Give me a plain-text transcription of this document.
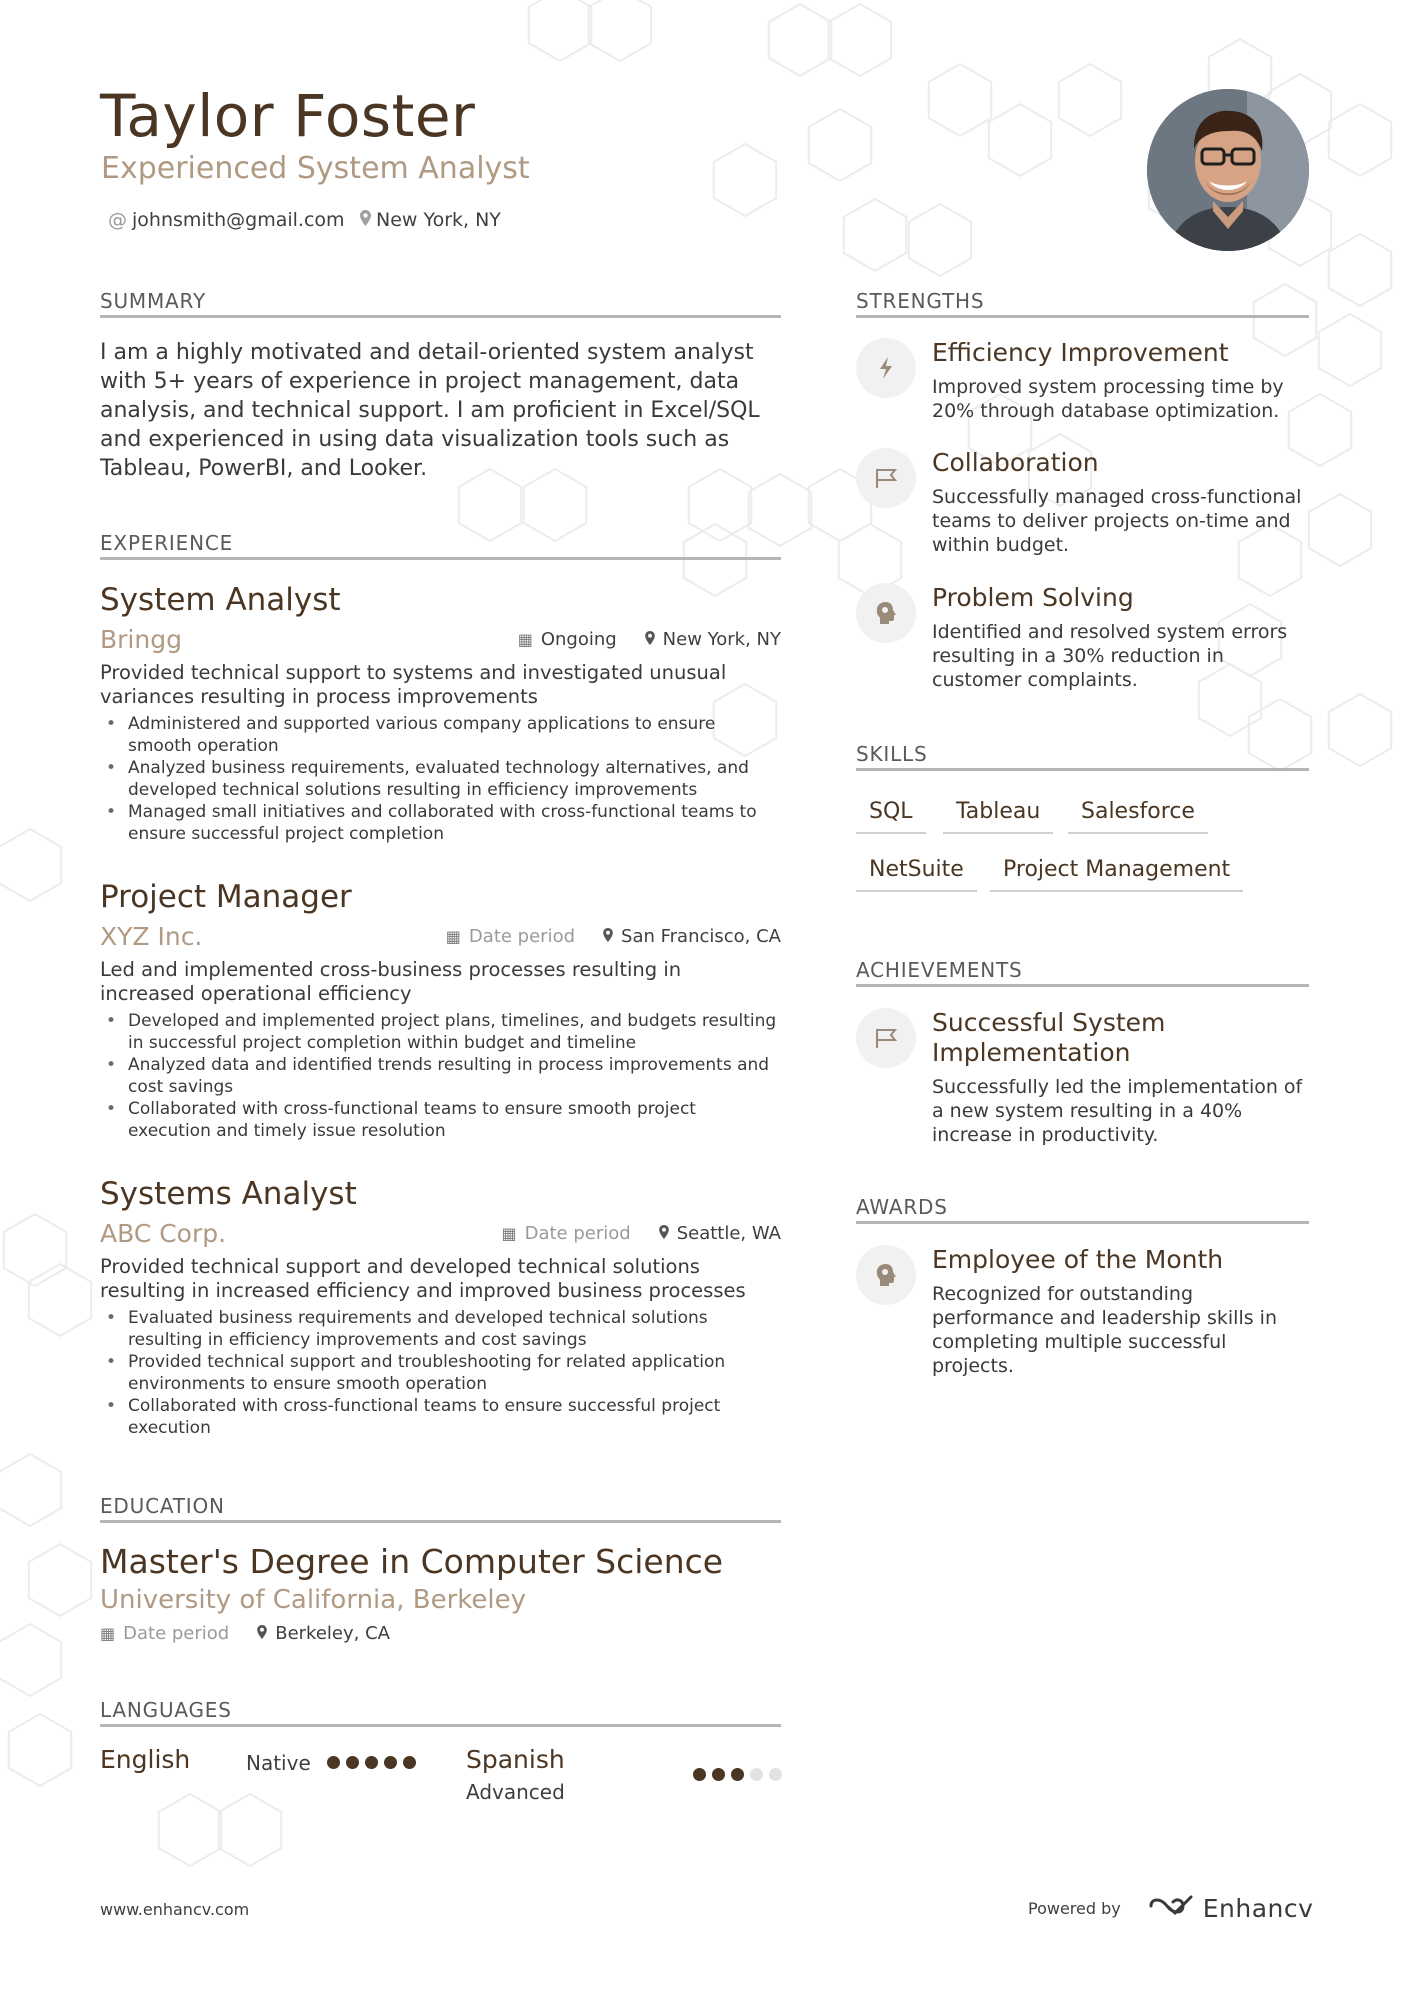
Taylor Foster
Experienced System Analyst
@ johnsmith@gmail.com New York, NY
SUMMARY
I am a highly motivated and detail-oriented system analyst with 5+ years of experience in project management, data analysis, and technical support. I am proficient in Excel/SQL and experienced in using data visualization tools such as Tableau, PowerBI, and Looker.
EXPERIENCE
System Analyst
Bringg	▦ Ongoing	New York, NY
Provided technical support to systems and investigated unusual variances resulting in process improvements
• Administered and supported various company applications to ensure smooth operation
• Analyzed business requirements, evaluated technology alternatives, and developed technical solutions resulting in efficiency improvements
• Managed small initiatives and collaborated with cross-functional teams to ensure successful project completion
Project Manager
XYZ Inc.	▦ Date period	San Francisco, CA
Led and implemented cross-business processes resulting in increased operational efficiency
• Developed and implemented project plans, timelines, and budgets resulting in successful project completion within budget and timeline
• Analyzed data and identified trends resulting in process improvements and cost savings
• Collaborated with cross-functional teams to ensure smooth project execution and timely issue resolution
Systems Analyst
ABC Corp.	▦ Date period	Seattle, WA
Provided technical support and developed technical solutions resulting in increased efficiency and improved business processes
• Evaluated business requirements and developed technical solutions resulting in efficiency improvements and cost savings
• Provided technical support and troubleshooting for related application environments to ensure smooth operation
• Collaborated with cross-functional teams to ensure successful project execution
EDUCATION
Master's Degree in Computer Science
University of California, Berkeley
▦ Date period	Berkeley, CA
LANGUAGES
English	Native	Spanish
Advanced
STRENGTHS
Efficiency Improvement
Improved system processing time by 20% through database optimization.
Collaboration
Successfully managed cross-functional teams to deliver projects on-time and within budget.
Problem Solving
Identified and resolved system errors resulting in a 30% reduction in customer complaints.
SKILLS
SQL	Tableau	Salesforce
NetSuite	Project Management
ACHIEVEMENTS
Successful System Implementation
Successfully led the implementation of a new system resulting in a 40% increase in productivity.
AWARDS
Employee of the Month
Recognized for outstanding performance and leadership skills in completing multiple successful projects.
www.enhancv.com	Powered by	Enhancv
